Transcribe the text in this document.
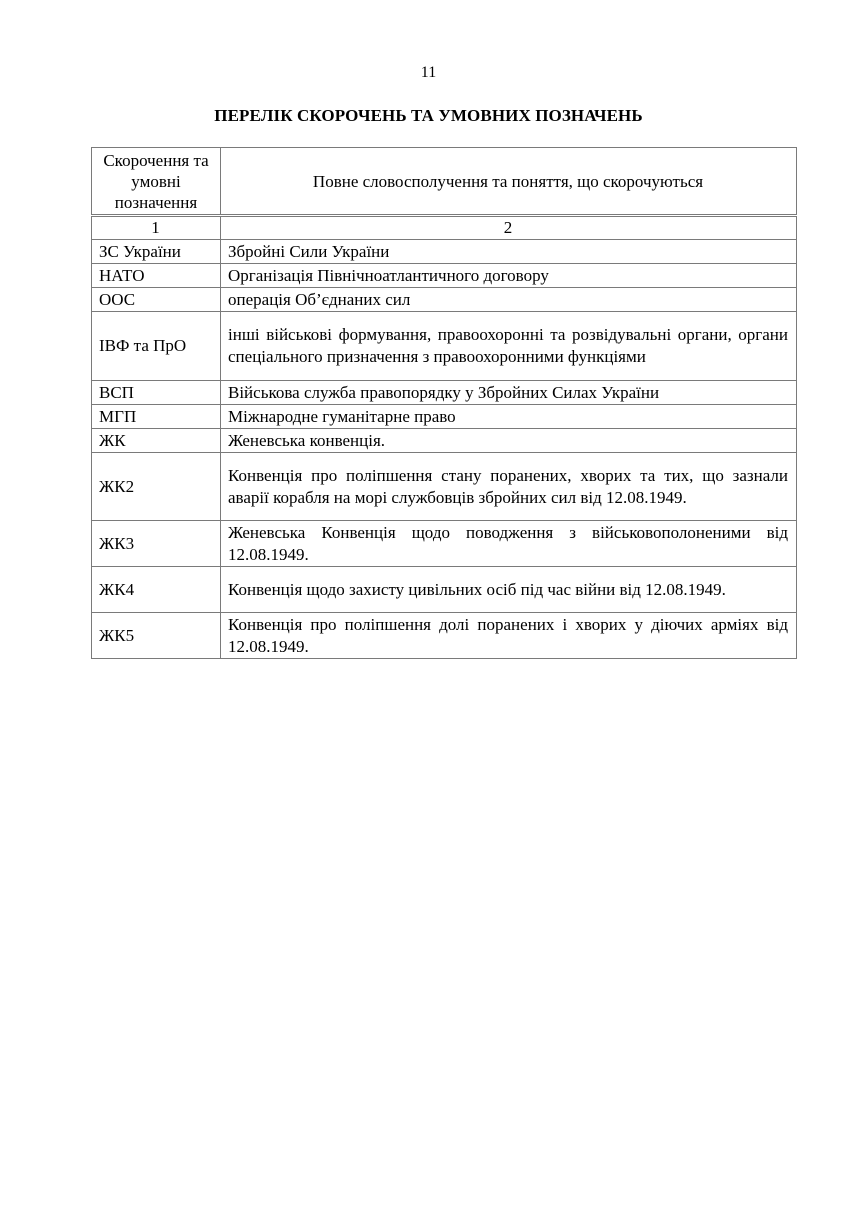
11
ПЕРЕЛІК СКОРОЧЕНЬ ТА УМОВНИХ ПОЗНАЧЕНЬ
Скорочення та умовні позначення	Повне словосполучення та поняття, що скорочуються
1	2
ЗС України	Збройні Сили України
НАТО	Організація Північноатлантичного договору
ООС	операція Об’єднаних сил
ІВФ та ПрО	інші військові формування, правоохоронні та розвідувальні органи, органи спеціального призначення з правоохоронними функціями
ВСП	Військова служба правопорядку у Збройних Силах України
МГП	Міжнародне гуманітарне право
ЖК	Женевська конвенція.
ЖК2	Конвенція про поліпшення стану поранених, хворих та тих, що зазнали аварії корабля на морі службовців збройних сил від 12.08.1949.
ЖК3	Женевська Конвенція щодо поводження з військовополоненими від 12.08.1949.
ЖК4	Конвенція щодо захисту цивільних осіб під час війни від 12.08.1949.
ЖК5	Конвенція про поліпшення долі поранених і хворих у діючих арміях від 12.08.1949.
